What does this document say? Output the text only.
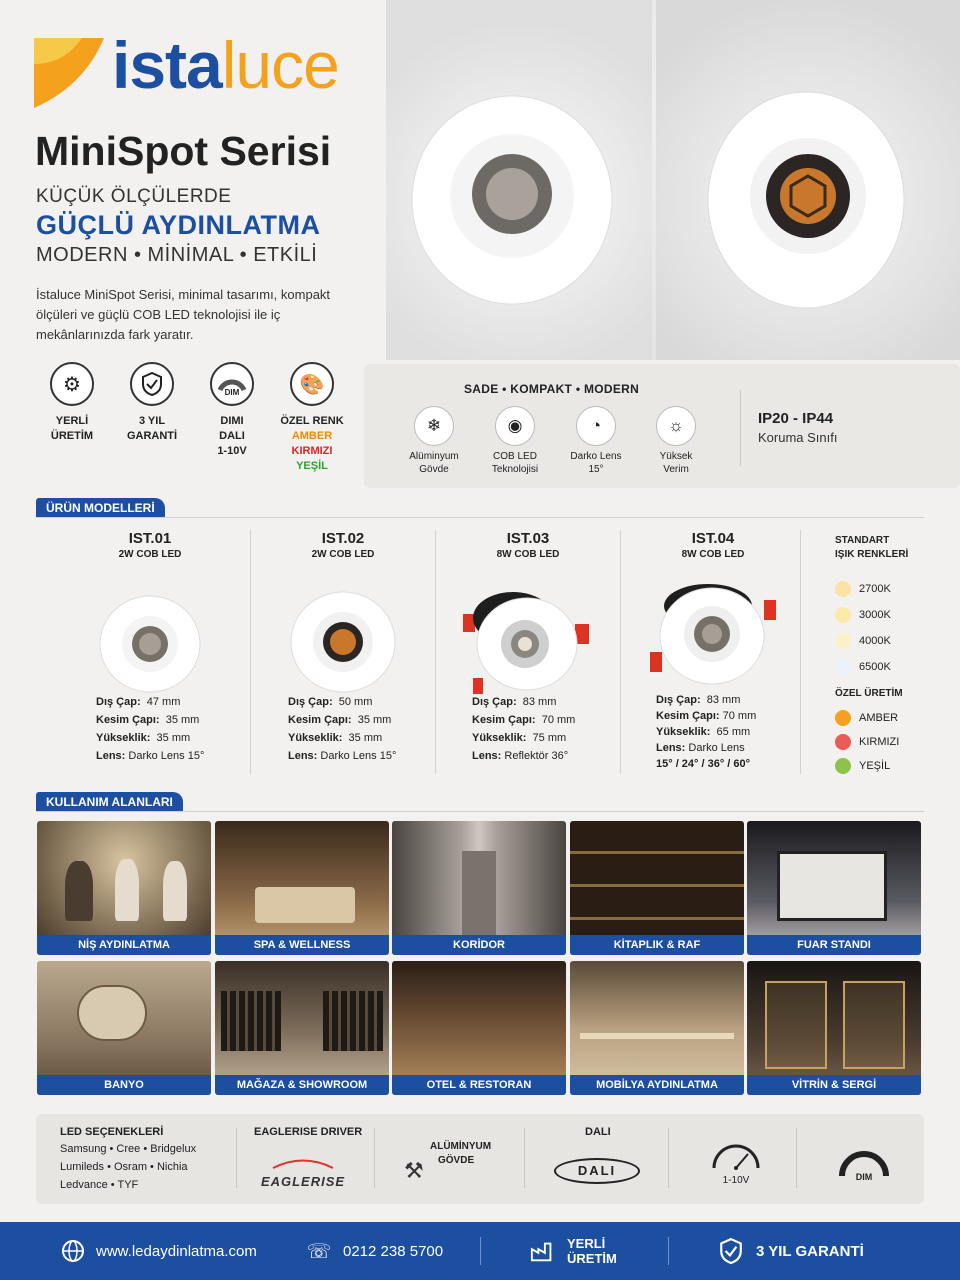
istaluce
MiniSpot Serisi
KÜÇÜK ÖLÇÜLERDE
GÜÇLÜ AYDINLATMA
MODERN • MİNİMAL • ETKİLİ
İstaluce MiniSpot Serisi, minimal tasarımı, kompakt ölçüleri ve güçlü COB LED teknolojisi ile iç mekânlarınızda fark yaratır.
⚙
YERLİ
ÜRETİM
3 YIL
GARANTİ
DIM
DIMI
DALI
1-10V
🎨
ÖZEL RENK
AMBER
KIRMIZI
YEŞİL
SADE • KOMPAKT • MODERN
❄
Alüminyum
Gövde
◉
COB LED
Teknolojisi
◔
Darko Lens
15°
☼
Yüksek
Verim
IP20 - IP44
Koruma Sınıfı
ÜRÜN MODELLERİ
IST.01
2W COB LED
Dış Çap: 47 mm
Kesim Çapı: 35 mm
Yükseklik: 35 mm
Lens: Darko Lens 15°
IST.02
2W COB LED
Dış Çap: 50 mm
Kesim Çapı: 35 mm
Yükseklik: 35 mm
Lens: Darko Lens 15°
IST.03
8W COB LED
Dış Çap: 83 mm
Kesim Çapı: 70 mm
Yükseklik: 75 mm
Lens: Reflektör 36°
IST.04
8W COB LED
Dış Çap: 83 mm
Kesim Çapı: 70 mm
Yükseklik: 65 mm
Lens: Darko Lens
15° / 24° / 36° / 60°
STANDART
IŞIK RENKLERİ
2700K
3000K
4000K
6500K
ÖZEL ÜRETİM
AMBER
KIRMIZI
YEŞİL
KULLANIM ALANLARI
NİŞ AYDINLATMA	SPA & WELLNESS	KORİDOR	KİTAPLIK & RAF	FUAR STANDI
BANYO	MAĞAZA & SHOWROOM	OTEL & RESTORAN	MOBİLYA AYDINLATMA	VİTRİN & SERGİ
LED SEÇENEKLERİ
Samsung • Cree • Bridgelux
Lumileds • Osram • Nichia
Ledvance • TYF
EAGLERISE DRIVER
EAGLERISE	⚒
ALÜMİNYUM
GÖVDE
DALI
DALI
1-10V	DIM
www.ledaydinlatma.com ☏ 0212 238 5700	YERLİ
ÜRETİM	3 YIL GARANTİ
